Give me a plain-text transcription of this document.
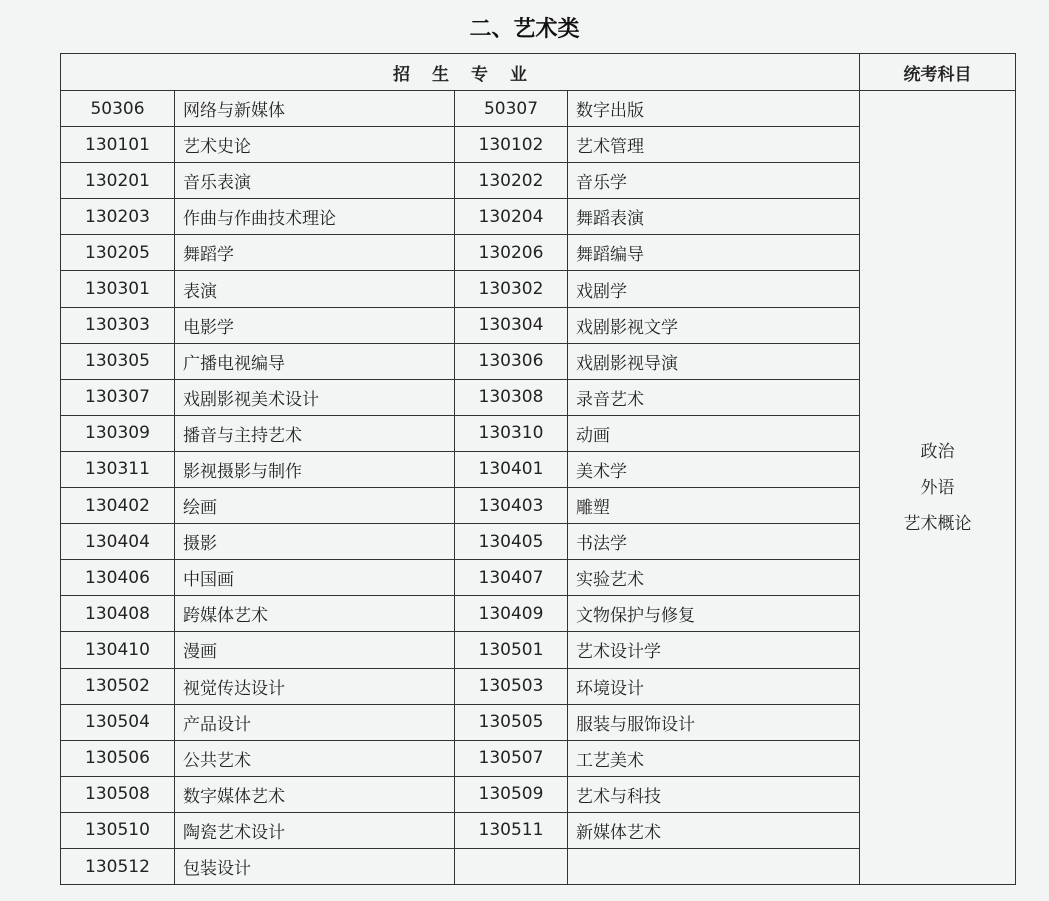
二、艺术类
招生专业				统考科目
50306	网络与新媒体	50307	数字出版	政治
外语
艺术概论

130101	艺术史论	130102	艺术管理	
130201	音乐表演	130202	音乐学	
130203	作曲与作曲技术理论	130204	舞蹈表演	
130205	舞蹈学	130206	舞蹈编导	
130301	表演	130302	戏剧学	
130303	电影学	130304	戏剧影视文学	
130305	广播电视编导	130306	戏剧影视导演	
130307	戏剧影视美术设计	130308	录音艺术	
130309	播音与主持艺术	130310	动画	
130311	影视摄影与制作	130401	美术学	
130402	绘画	130403	雕塑	
130404	摄影	130405	书法学	
130406	中国画	130407	实验艺术	
130408	跨媒体艺术	130409	文物保护与修复	
130410	漫画	130501	艺术设计学	
130502	视觉传达设计	130503	环境设计	
130504	产品设计	130505	服装与服饰设计	
130506	公共艺术	130507	工艺美术	
130508	数字媒体艺术	130509	艺术与科技	
130510	陶瓷艺术设计	130511	新媒体艺术	
130512	包装设计			
